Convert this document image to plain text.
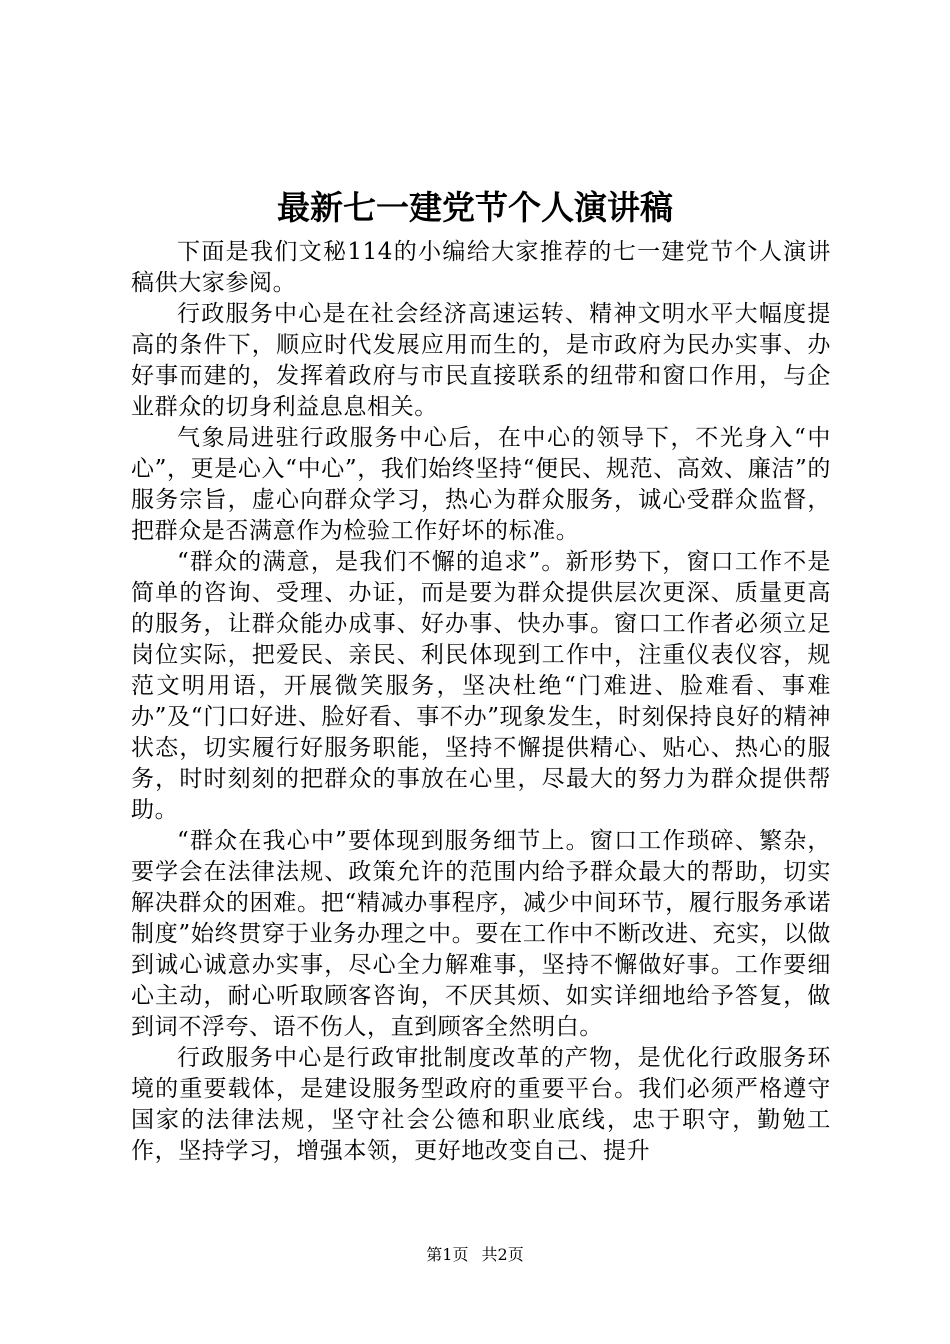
最新七一建党节个人演讲稿

下面是我们文秘114的小编给大家推荐的七一建党节个人演讲稿供大家参阅。

行政服务中心是在社会经济高速运转、精神文明水平大幅度提高的条件下，顺应时代发展应用而生的，是市政府为民办实事、办好事而建的，发挥着政府与市民直接联系的纽带和窗口作用，与企业群众的切身利益息息相关。

气象局进驻行政服务中心后，在中心的领导下，不光身入“中心”，更是心入“中心”，我们始终坚持“便民、规范、高效、廉洁”的服务宗旨，虚心向群众学习，热心为群众服务，诚心受群众监督，把群众是否满意作为检验工作好坏的标准。

“群众的满意，是我们不懈的追求”。新形势下，窗口工作不是简单的咨询、受理、办证，而是要为群众提供层次更深、质量更高的服务，让群众能办成事、好办事、快办事。窗口工作者必须立足岗位实际，把爱民、亲民、利民体现到工作中，注重仪表仪容，规范文明用语，开展微笑服务，坚决杜绝“门难进、脸难看、事难办”及“门口好进、脸好看、事不办”现象发生，时刻保持良好的精神状态，切实履行好服务职能，坚持不懈提供精心、贴心、热心的服务，时时刻刻的把群众的事放在心里，尽最大的努力为群众提供帮助。

“群众在我心中”要体现到服务细节上。窗口工作琐碎、繁杂，要学会在法律法规、政策允许的范围内给予群众最大的帮助，切实解决群众的困难。把“精减办事程序，减少中间环节，履行服务承诺制度”始终贯穿于业务办理之中。要在工作中不断改进、充实，以做到诚心诚意办实事，尽心全力解难事，坚持不懈做好事。工作要细心主动，耐心听取顾客咨询，不厌其烦、如实详细地给予答复，做到词不浮夸、语不伤人，直到顾客全然明白。

行政服务中心是行政审批制度改革的产物，是优化行政服务环境的重要载体，是建设服务型政府的重要平台。我们必须严格遵守国家的法律法规，坚守社会公德和职业底线，忠于职守，勤勉工作，坚持学习，增强本领，更好地改变自己、提升

第1页 共2页
